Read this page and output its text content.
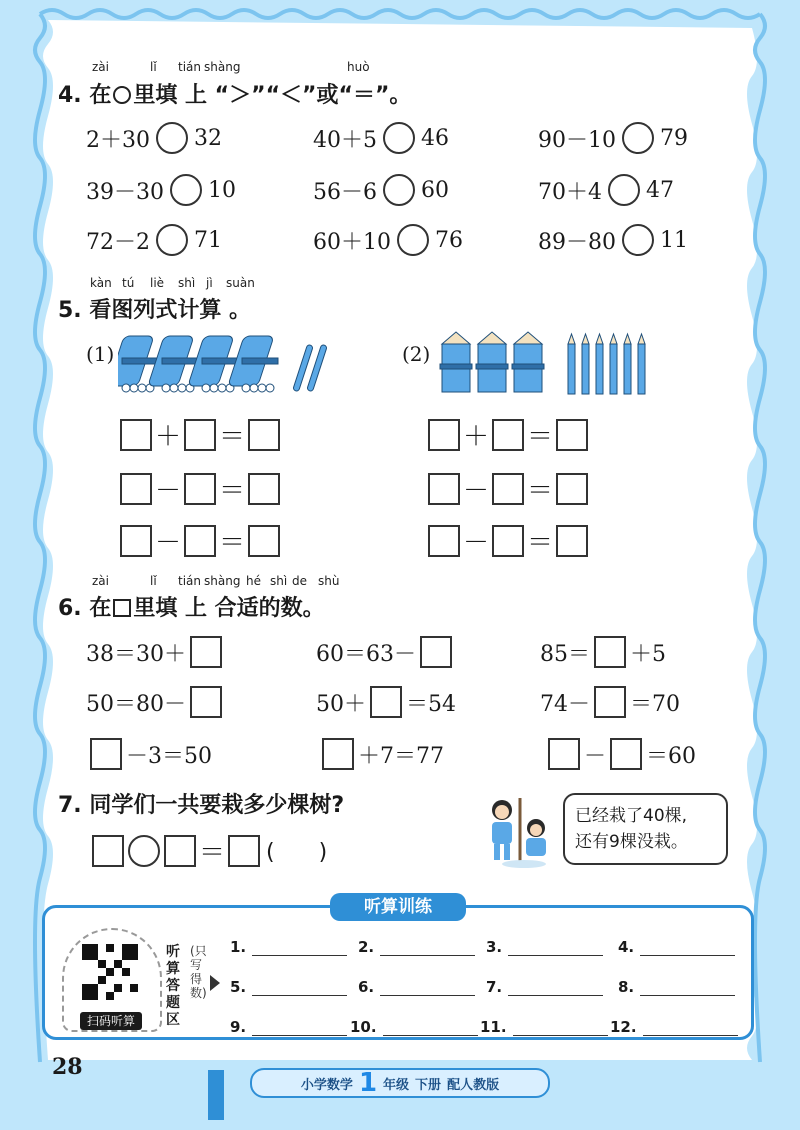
zài	lǐ tián shàng	huò
4. 在 里填 上 “＞”“＜”或“＝”。
2＋30 32	40＋5 46	90－10 79
39－30 10	56－6 60	70＋4 47
72－2 71	60＋10 76	89－80 11
kàn tú liè shì jì suàn
5. 看图列式计算 。
(1)	(2)
＋ ＝
－ ＝
－ ＝
＋ ＝
－ ＝
－ ＝
zài	lǐ tián shàng hé shì de shù
6. 在 里填 上 合适的数。
38＝30＋	60＝63－	85＝ ＋5
50＝80－	50＋ ＝54	74－ ＝70
－3＝50	＋7＝77	－ ＝60
7. 同学们一共要栽多少棵树?
＝ (　　)
已经栽了40棵,
还有9棵没栽。
听算训练
扫码听算
听算答题区
(只写得数)
1.	2.	3.	4.
5.	6.	7.	8.
9.	10.	11.	12.
28
小学数学 1 年级 下册 配人教版
